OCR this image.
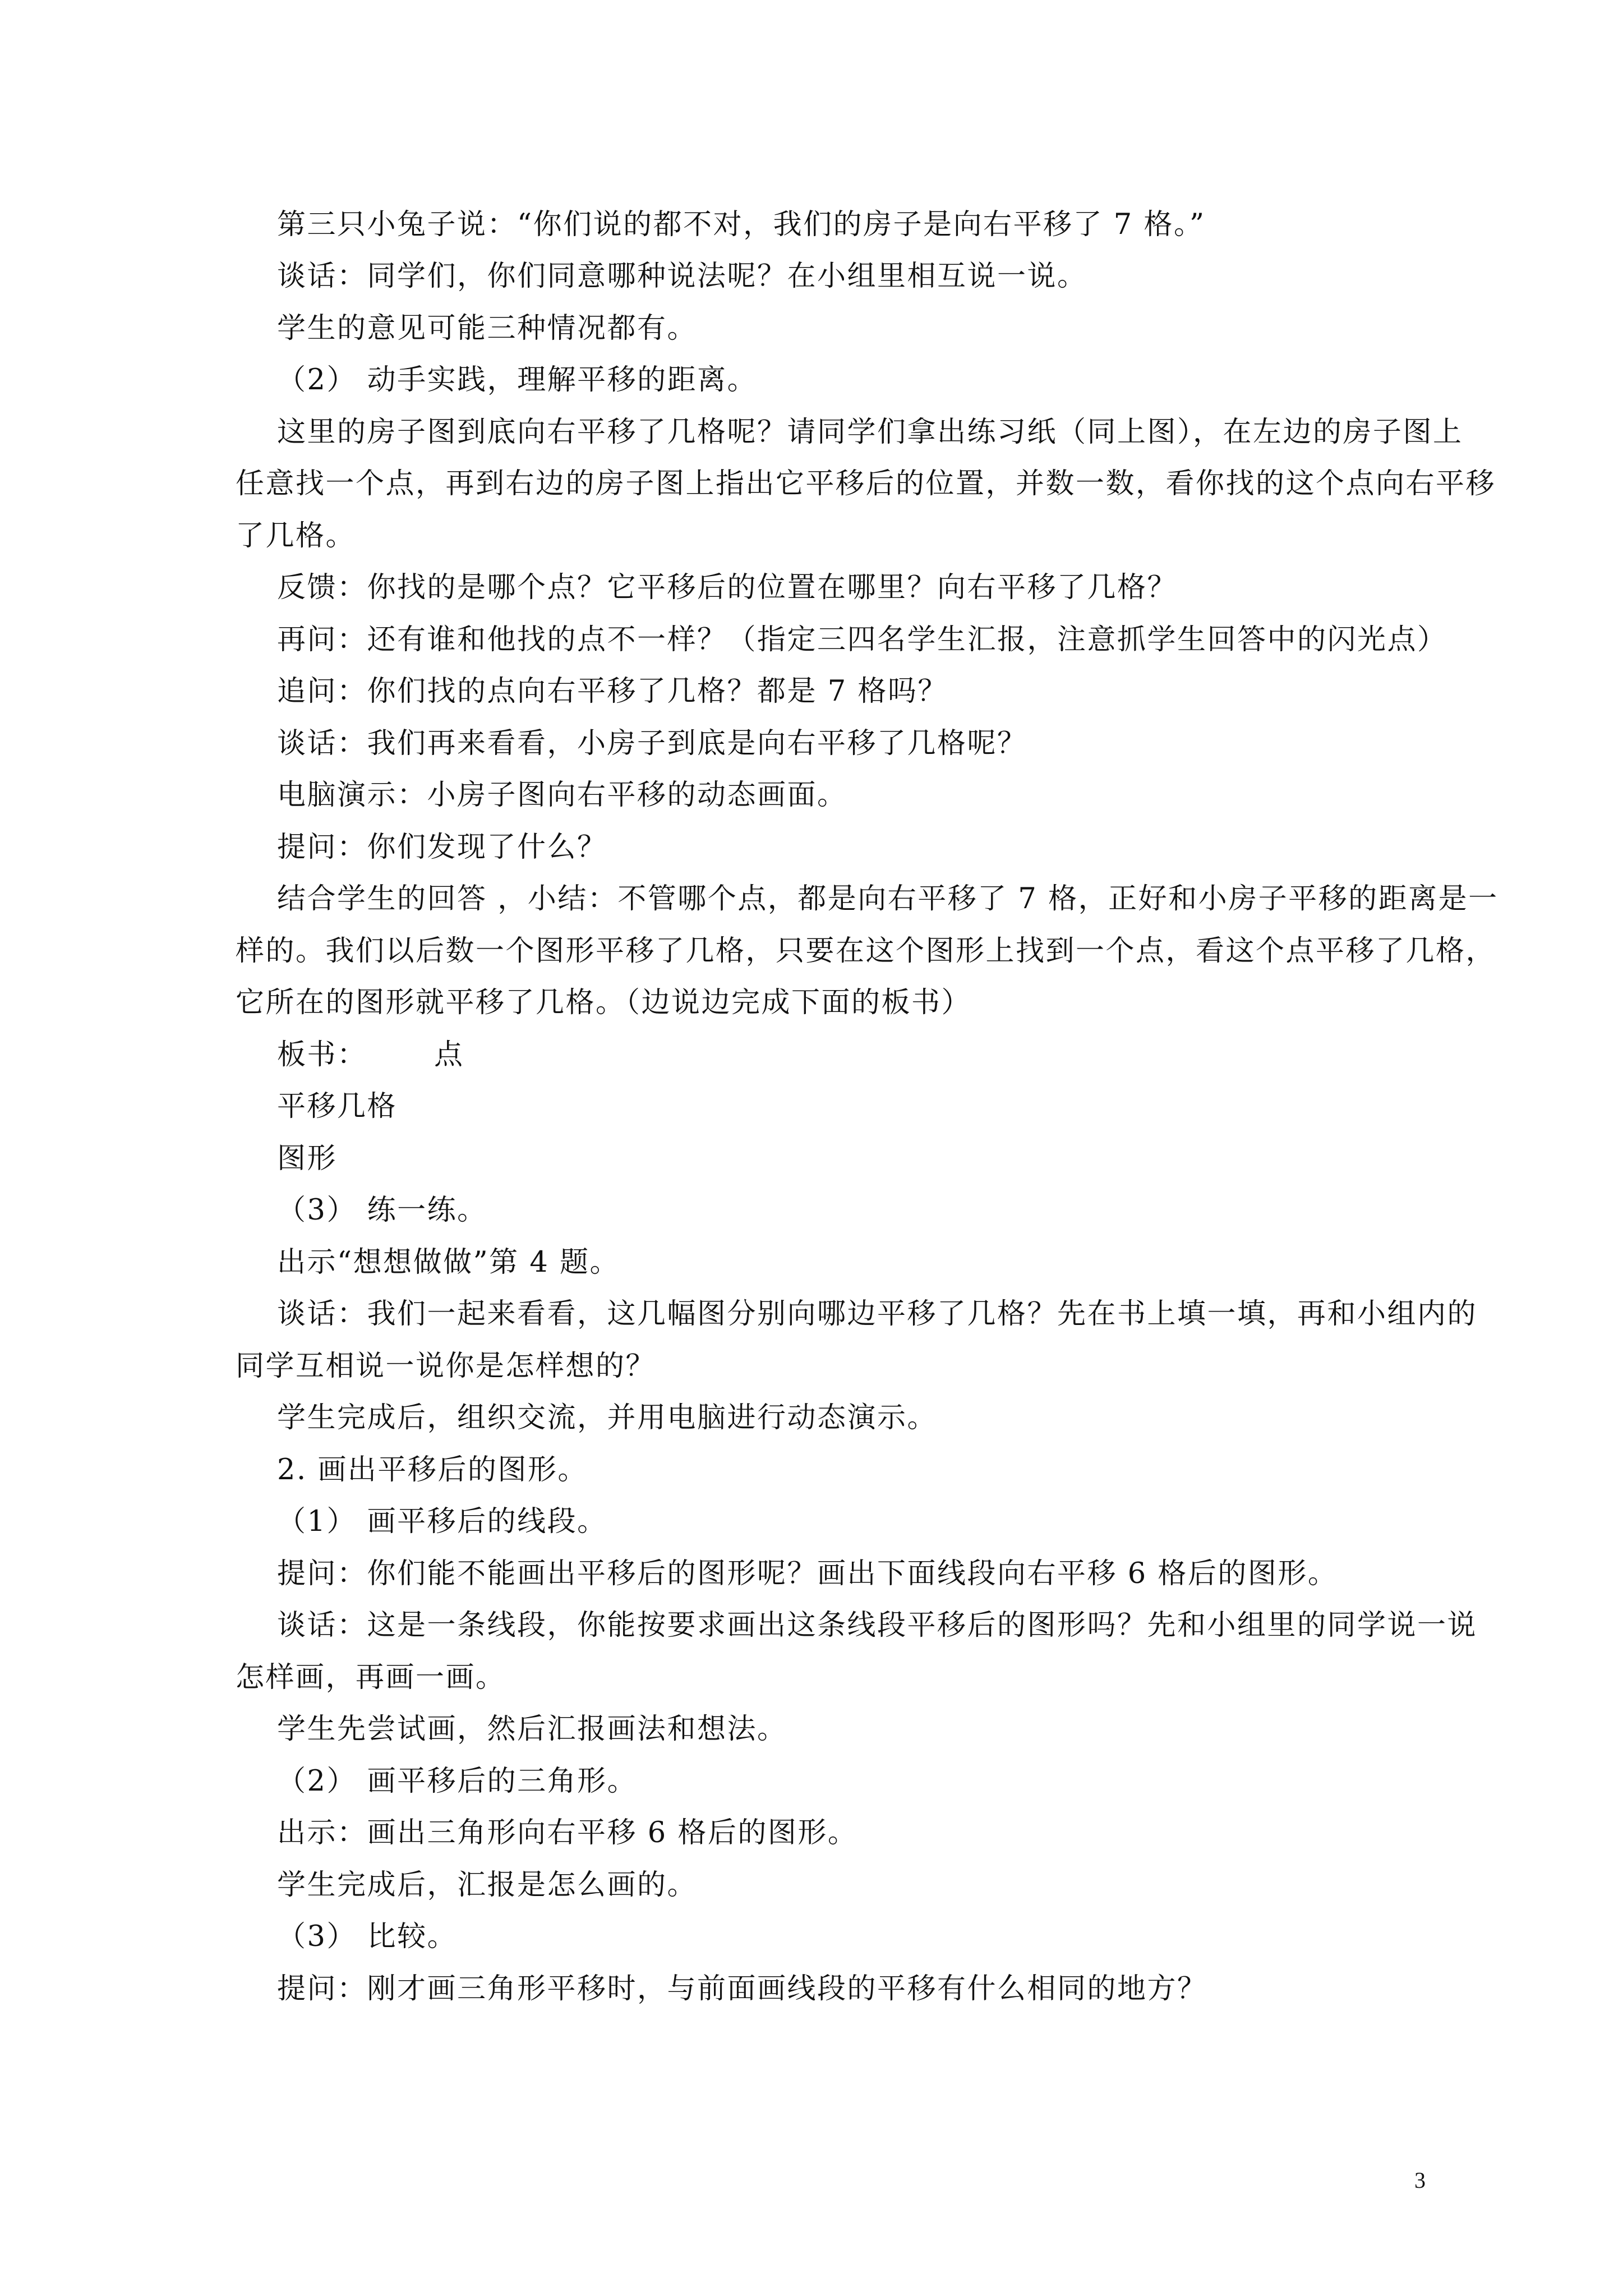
第三只小兔子说：“你们说的都不对，我们的房子是向右平移了 7 格。”
谈话：同学们，你们同意哪种说法呢？在小组里相互说一说。
学生的意见可能三种情况都有。
（2） 动手实践，理解平移的距离。
这里的房子图到底向右平移了几格呢？请同学们拿出练习纸（同上图），在左边的房子图上
任意找一个点，再到右边的房子图上指出它平移后的位置，并数一数，看你找的这个点向右平移
了几格。
反馈：你找的是哪个点？它平移后的位置在哪里？向右平移了几格？
再问：还有谁和他找的点不一样？（指定三四名学生汇报，注意抓学生回答中的闪光点）
追问：你们找的点向右平移了几格？都是 7 格吗？
谈话：我们再来看看，小房子到底是向右平移了几格呢？
电脑演示：小房子图向右平移的动态画面。
提问：你们发现了什么？
结合学生的回答 ，小结：不管哪个点，都是向右平移了 7 格，正好和小房子平移的距离是一
样的。我们以后数一个图形平移了几格，只要在这个图形上找到一个点，看这个点平移了几格，
它所在的图形就平移了几格。（边说边完成下面的板书）
板书： 点
平移几格
图形
（3） 练一练。
出示“想想做做”第 4 题。
谈话：我们一起来看看，这几幅图分别向哪边平移了几格？先在书上填一填，再和小组内的
同学互相说一说你是怎样想的？
学生完成后，组织交流，并用电脑进行动态演示。
2. 画出平移后的图形。
（1） 画平移后的线段。
提问：你们能不能画出平移后的图形呢？画出下面线段向右平移 6 格后的图形。
谈话：这是一条线段，你能按要求画出这条线段平移后的图形吗？先和小组里的同学说一说
怎样画，再画一画。
学生先尝试画，然后汇报画法和想法。
（2） 画平移后的三角形。
出示：画出三角形向右平移 6 格后的图形。
学生完成后，汇报是怎么画的。
（3） 比较。
提问：刚才画三角形平移时，与前面画线段的平移有什么相同的地方？
3
